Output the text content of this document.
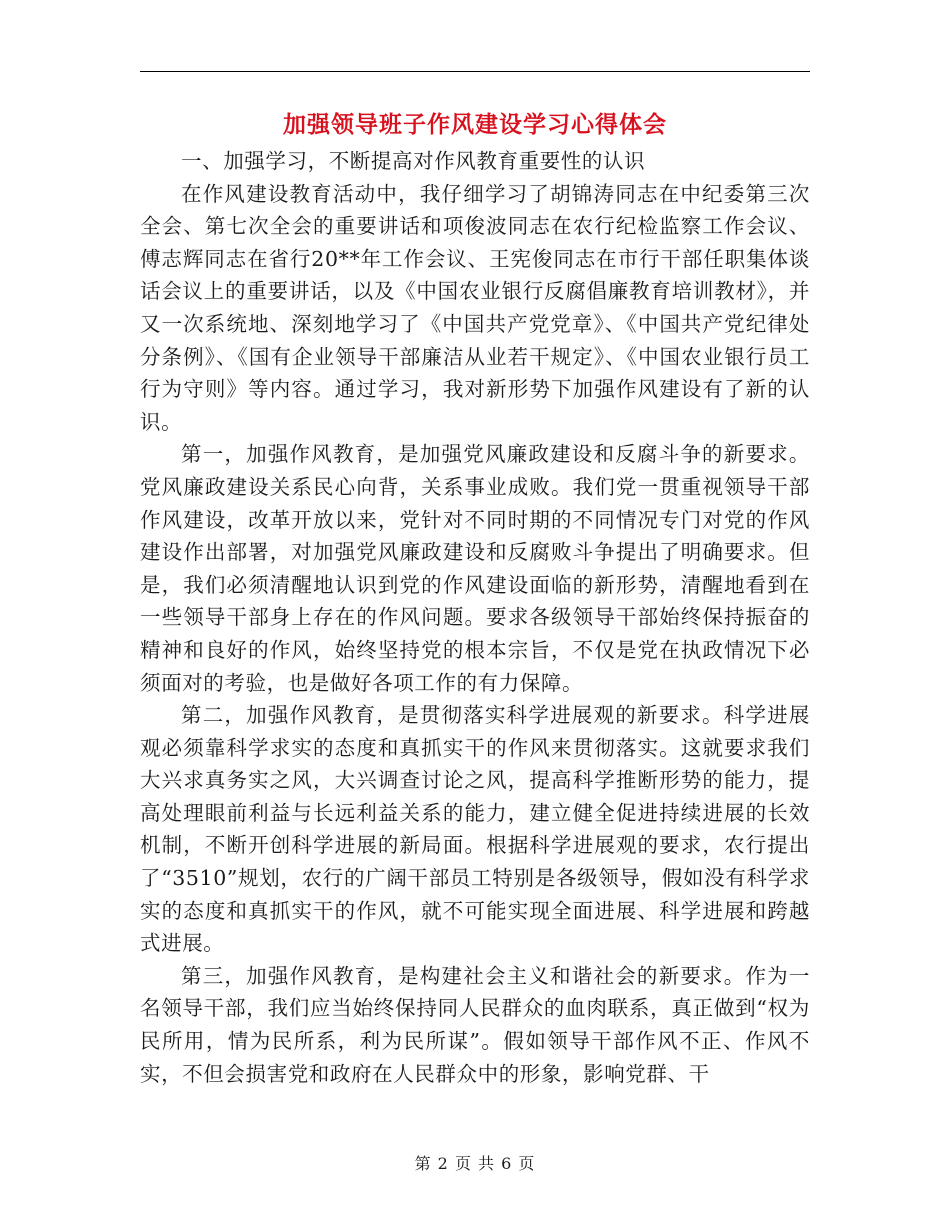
加强领导班子作风建设学习心得体会

一、加强学习，不断提高对作风教育重要性的认识

在作风建设教育活动中，我仔细学习了胡锦涛同志在中纪委第三次全会、第七次全会的重要讲话和项俊波同志在农行纪检监察工作会议、傅志辉同志在省行20**年工作会议、王宪俊同志在市行干部任职集体谈话会议上的重要讲话，以及《中国农业银行反腐倡廉教育培训教材》，并又一次系统地、深刻地学习了《中国共产党党章》、《中国共产党纪律处分条例》、《国有企业领导干部廉洁从业若干规定》、《中国农业银行员工行为守则》等内容。通过学习，我对新形势下加强作风建设有了新的认识。

第一，加强作风教育，是加强党风廉政建设和反腐斗争的新要求。党风廉政建设关系民心向背，关系事业成败。我们党一贯重视领导干部作风建设，改革开放以来，党针对不同时期的不同情况专门对党的作风建设作出部署，对加强党风廉政建设和反腐败斗争提出了明确要求。但是，我们必须清醒地认识到党的作风建设面临的新形势，清醒地看到在一些领导干部身上存在的作风问题。要求各级领导干部始终保持振奋的精神和良好的作风，始终坚持党的根本宗旨，不仅是党在执政情况下必须面对的考验，也是做好各项工作的有力保障。

第二，加强作风教育，是贯彻落实科学进展观的新要求。科学进展观必须靠科学求实的态度和真抓实干的作风来贯彻落实。这就要求我们大兴求真务实之风，大兴调查讨论之风，提高科学推断形势的能力，提高处理眼前利益与长远利益关系的能力，建立健全促进持续进展的长效机制，不断开创科学进展的新局面。根据科学进展观的要求，农行提出了“3510”规划，农行的广阔干部员工特别是各级领导，假如没有科学求实的态度和真抓实干的作风，就不可能实现全面进展、科学进展和跨越式进展。

第三，加强作风教育，是构建社会主义和谐社会的新要求。作为一名领导干部，我们应当始终保持同人民群众的血肉联系，真正做到“权为民所用，情为民所系，利为民所谋”。假如领导干部作风不正、作风不实，不但会损害党和政府在人民群众中的形象，影响党群、干

第 2 页 共 6 页
